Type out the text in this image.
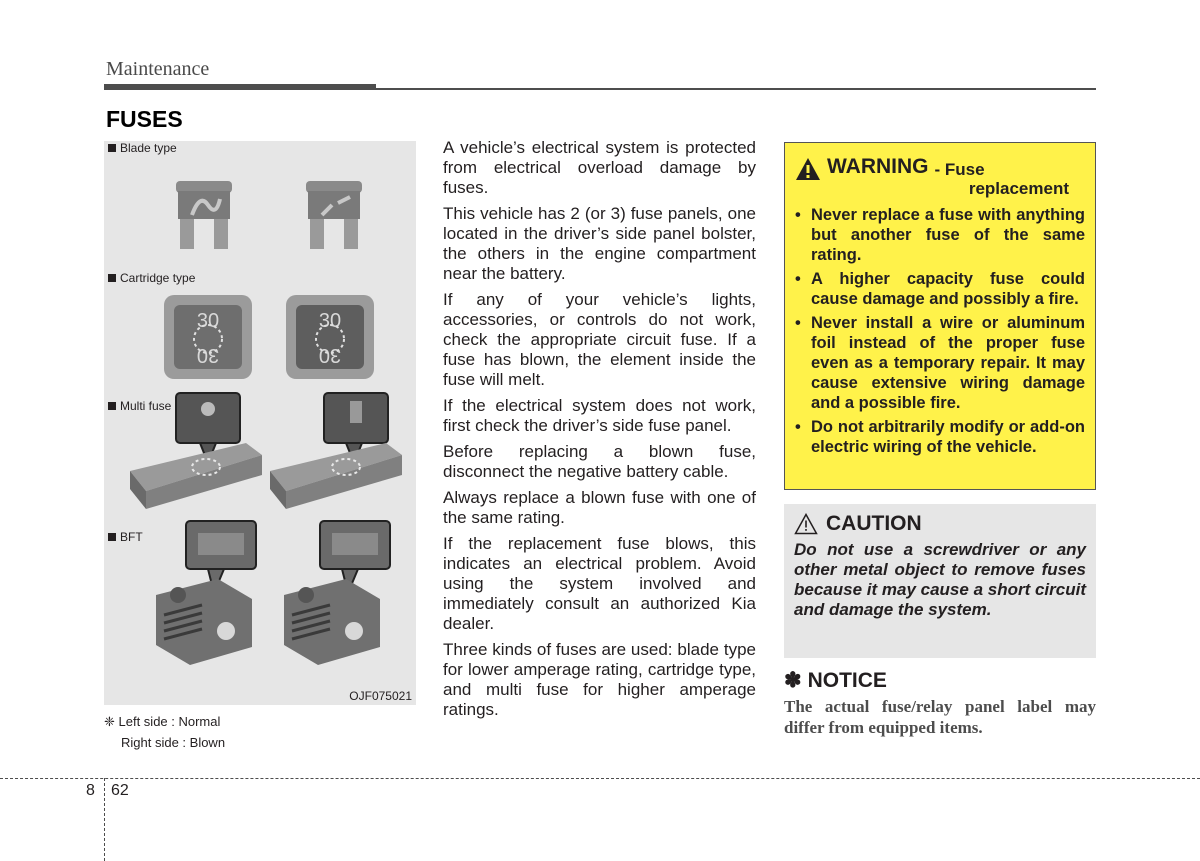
Maintenance
FUSES
Blade type
Cartridge type
30
30
30
30
Multi fuse
BFT
OJF075021
❈ Left side : Normal
Right side : Blown

A vehicle’s electrical system is protected from electrical overload damage by fuses.

This vehicle has 2 (or 3) fuse panels, one located in the driver’s side panel bolster, the others in the engine compartment near the battery.

If any of your vehicle’s lights, accessories, or controls do not work, check the appropriate circuit fuse. If a fuse has blown, the element inside the fuse will melt.

If the electrical system does not work, first check the driver’s side fuse panel.

Before replacing a blown fuse, disconnect the negative battery cable.

Always replace a blown fuse with one of the same rating.

If the replacement fuse blows, this indicates an electrical problem. Avoid using the system involved and immediately consult an authorized Kia dealer.

Three kinds of fuses are used: blade type for lower amperage rating, cartridge type, and multi fuse for higher amperage ratings.

WARNING - Fuse
replacement
• Never replace a fuse with anything but another fuse of the same rating.
• A higher capacity fuse could cause damage and possibly a fire.
• Never install a wire or aluminum foil instead of the proper fuse even as a temporary repair. It may cause extensive wiring damage and a possible fire.
• Do not arbitrarily modify or add-on electric wiring of the vehicle.
CAUTION
Do not use a screwdriver or any other metal object to remove fuses because it may cause a short circuit and damage the system.
✽ NOTICE
The actual fuse/relay panel label may differ from equipped items.
8 62
